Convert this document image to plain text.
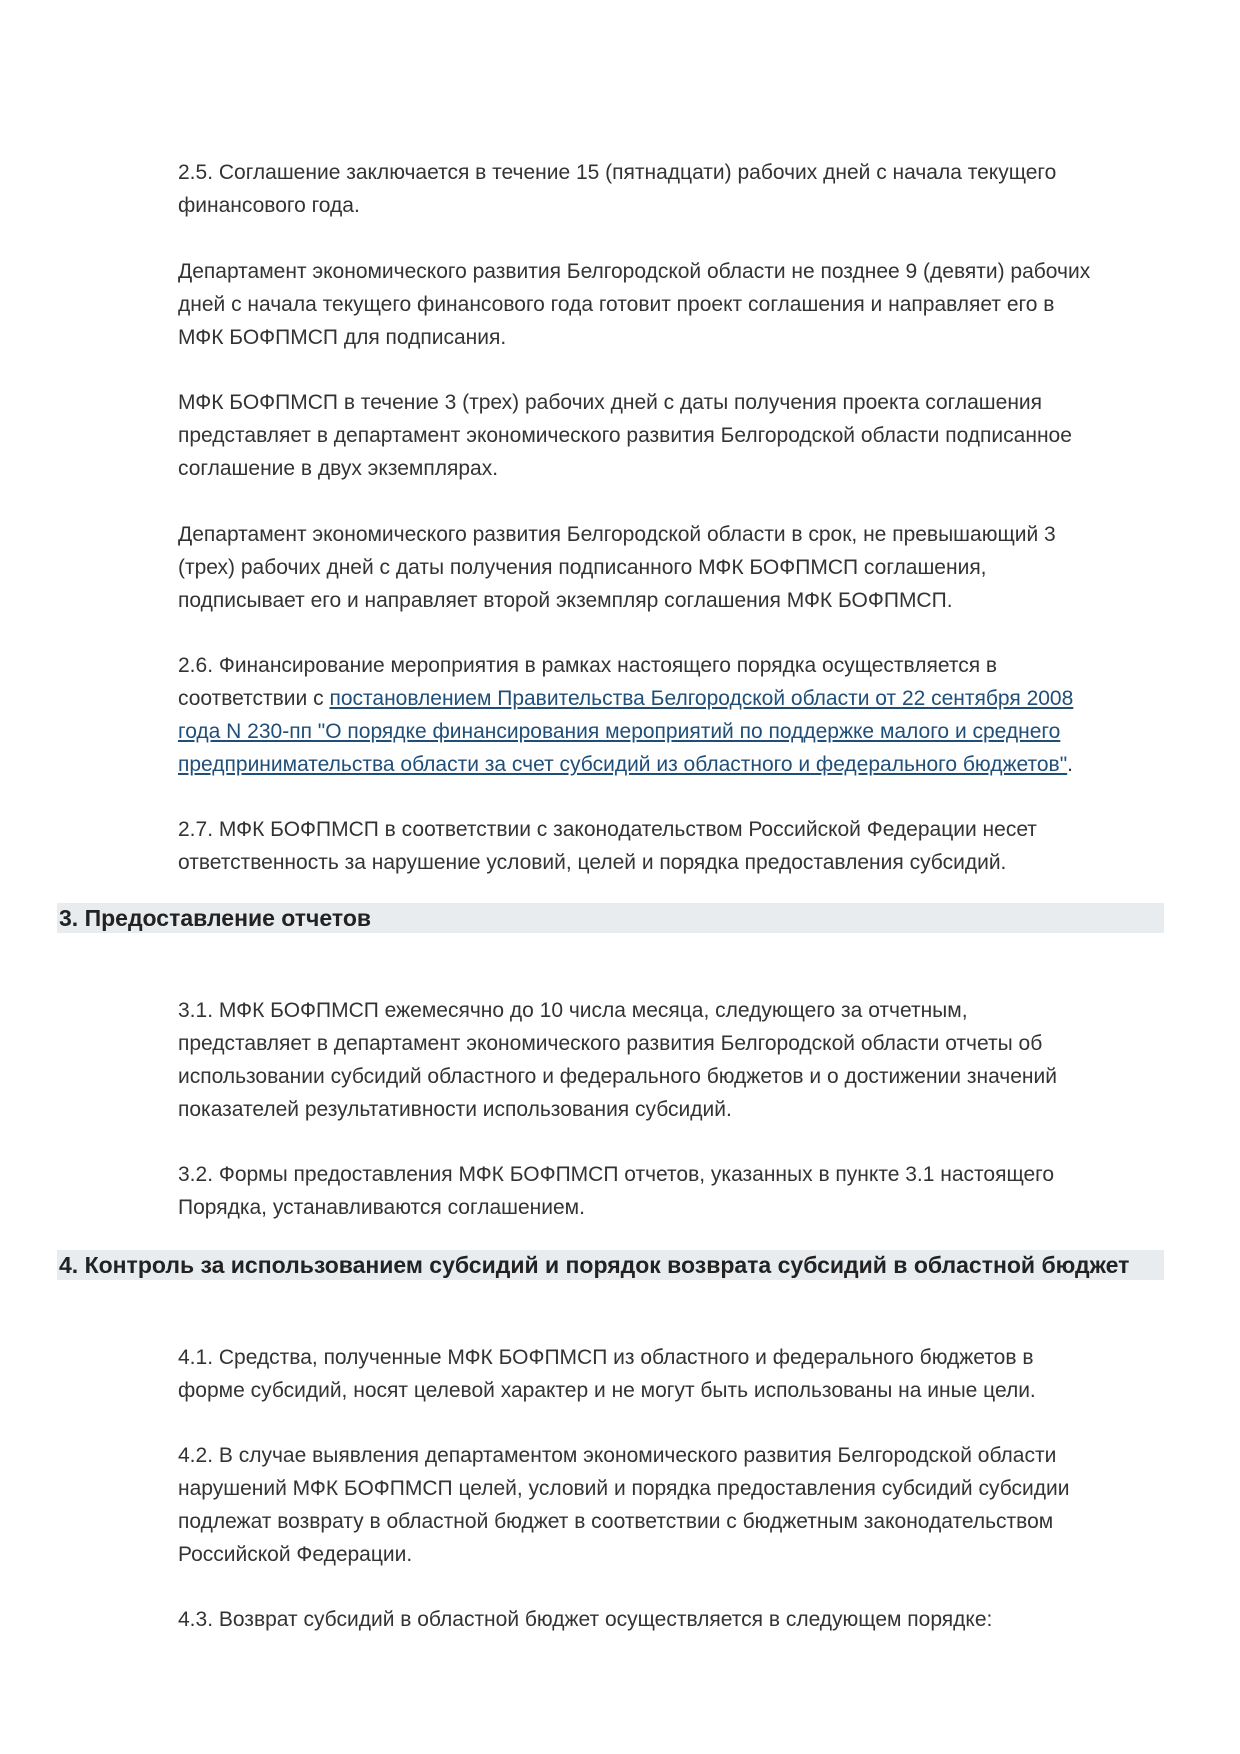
2.5. Соглашение заключается в течение 15 (пятнадцати) рабочих дней с начала текущего
финансового года.

Департамент экономического развития Белгородской области не позднее 9 (девяти) рабочих
дней с начала текущего финансового года готовит проект соглашения и направляет его в
МФК БОФПМСП для подписания.

МФК БОФПМСП в течение 3 (трех) рабочих дней с даты получения проекта соглашения
представляет в департамент экономического развития Белгородской области подписанное
соглашение в двух экземплярах.

Департамент экономического развития Белгородской области в срок, не превышающий 3
(трех) рабочих дней с даты получения подписанного МФК БОФПМСП соглашения,
подписывает его и направляет второй экземпляр соглашения МФК БОФПМСП.

2.6. Финансирование мероприятия в рамках настоящего порядка осуществляется в
соответствии с постановлением Правительства Белгородской области от 22 сентября 2008
года N 230-пп "О порядке финансирования мероприятий по поддержке малого и среднего
предпринимательства области за счет субсидий из областного и федерального бюджетов".

2.7. МФК БОФПМСП в соответствии с законодательством Российской Федерации несет
ответственность за нарушение условий, целей и порядка предоставления субсидий.

3. Предоставление отчетов

3.1. МФК БОФПМСП ежемесячно до 10 числа месяца, следующего за отчетным,
представляет в департамент экономического развития Белгородской области отчеты об
использовании субсидий областного и федерального бюджетов и о достижении значений
показателей результативности использования субсидий.

3.2. Формы предоставления МФК БОФПМСП отчетов, указанных в пункте 3.1 настоящего
Порядка, устанавливаются соглашением.

4. Контроль за использованием субсидий и порядок возврата субсидий в областной бюджет

4.1. Средства, полученные МФК БОФПМСП из областного и федерального бюджетов в
форме субсидий, носят целевой характер и не могут быть использованы на иные цели.

4.2. В случае выявления департаментом экономического развития Белгородской области
нарушений МФК БОФПМСП целей, условий и порядка предоставления субсидий субсидии
подлежат возврату в областной бюджет в соответствии с бюджетным законодательством
Российской Федерации.

4.3. Возврат субсидий в областной бюджет осуществляется в следующем порядке:
